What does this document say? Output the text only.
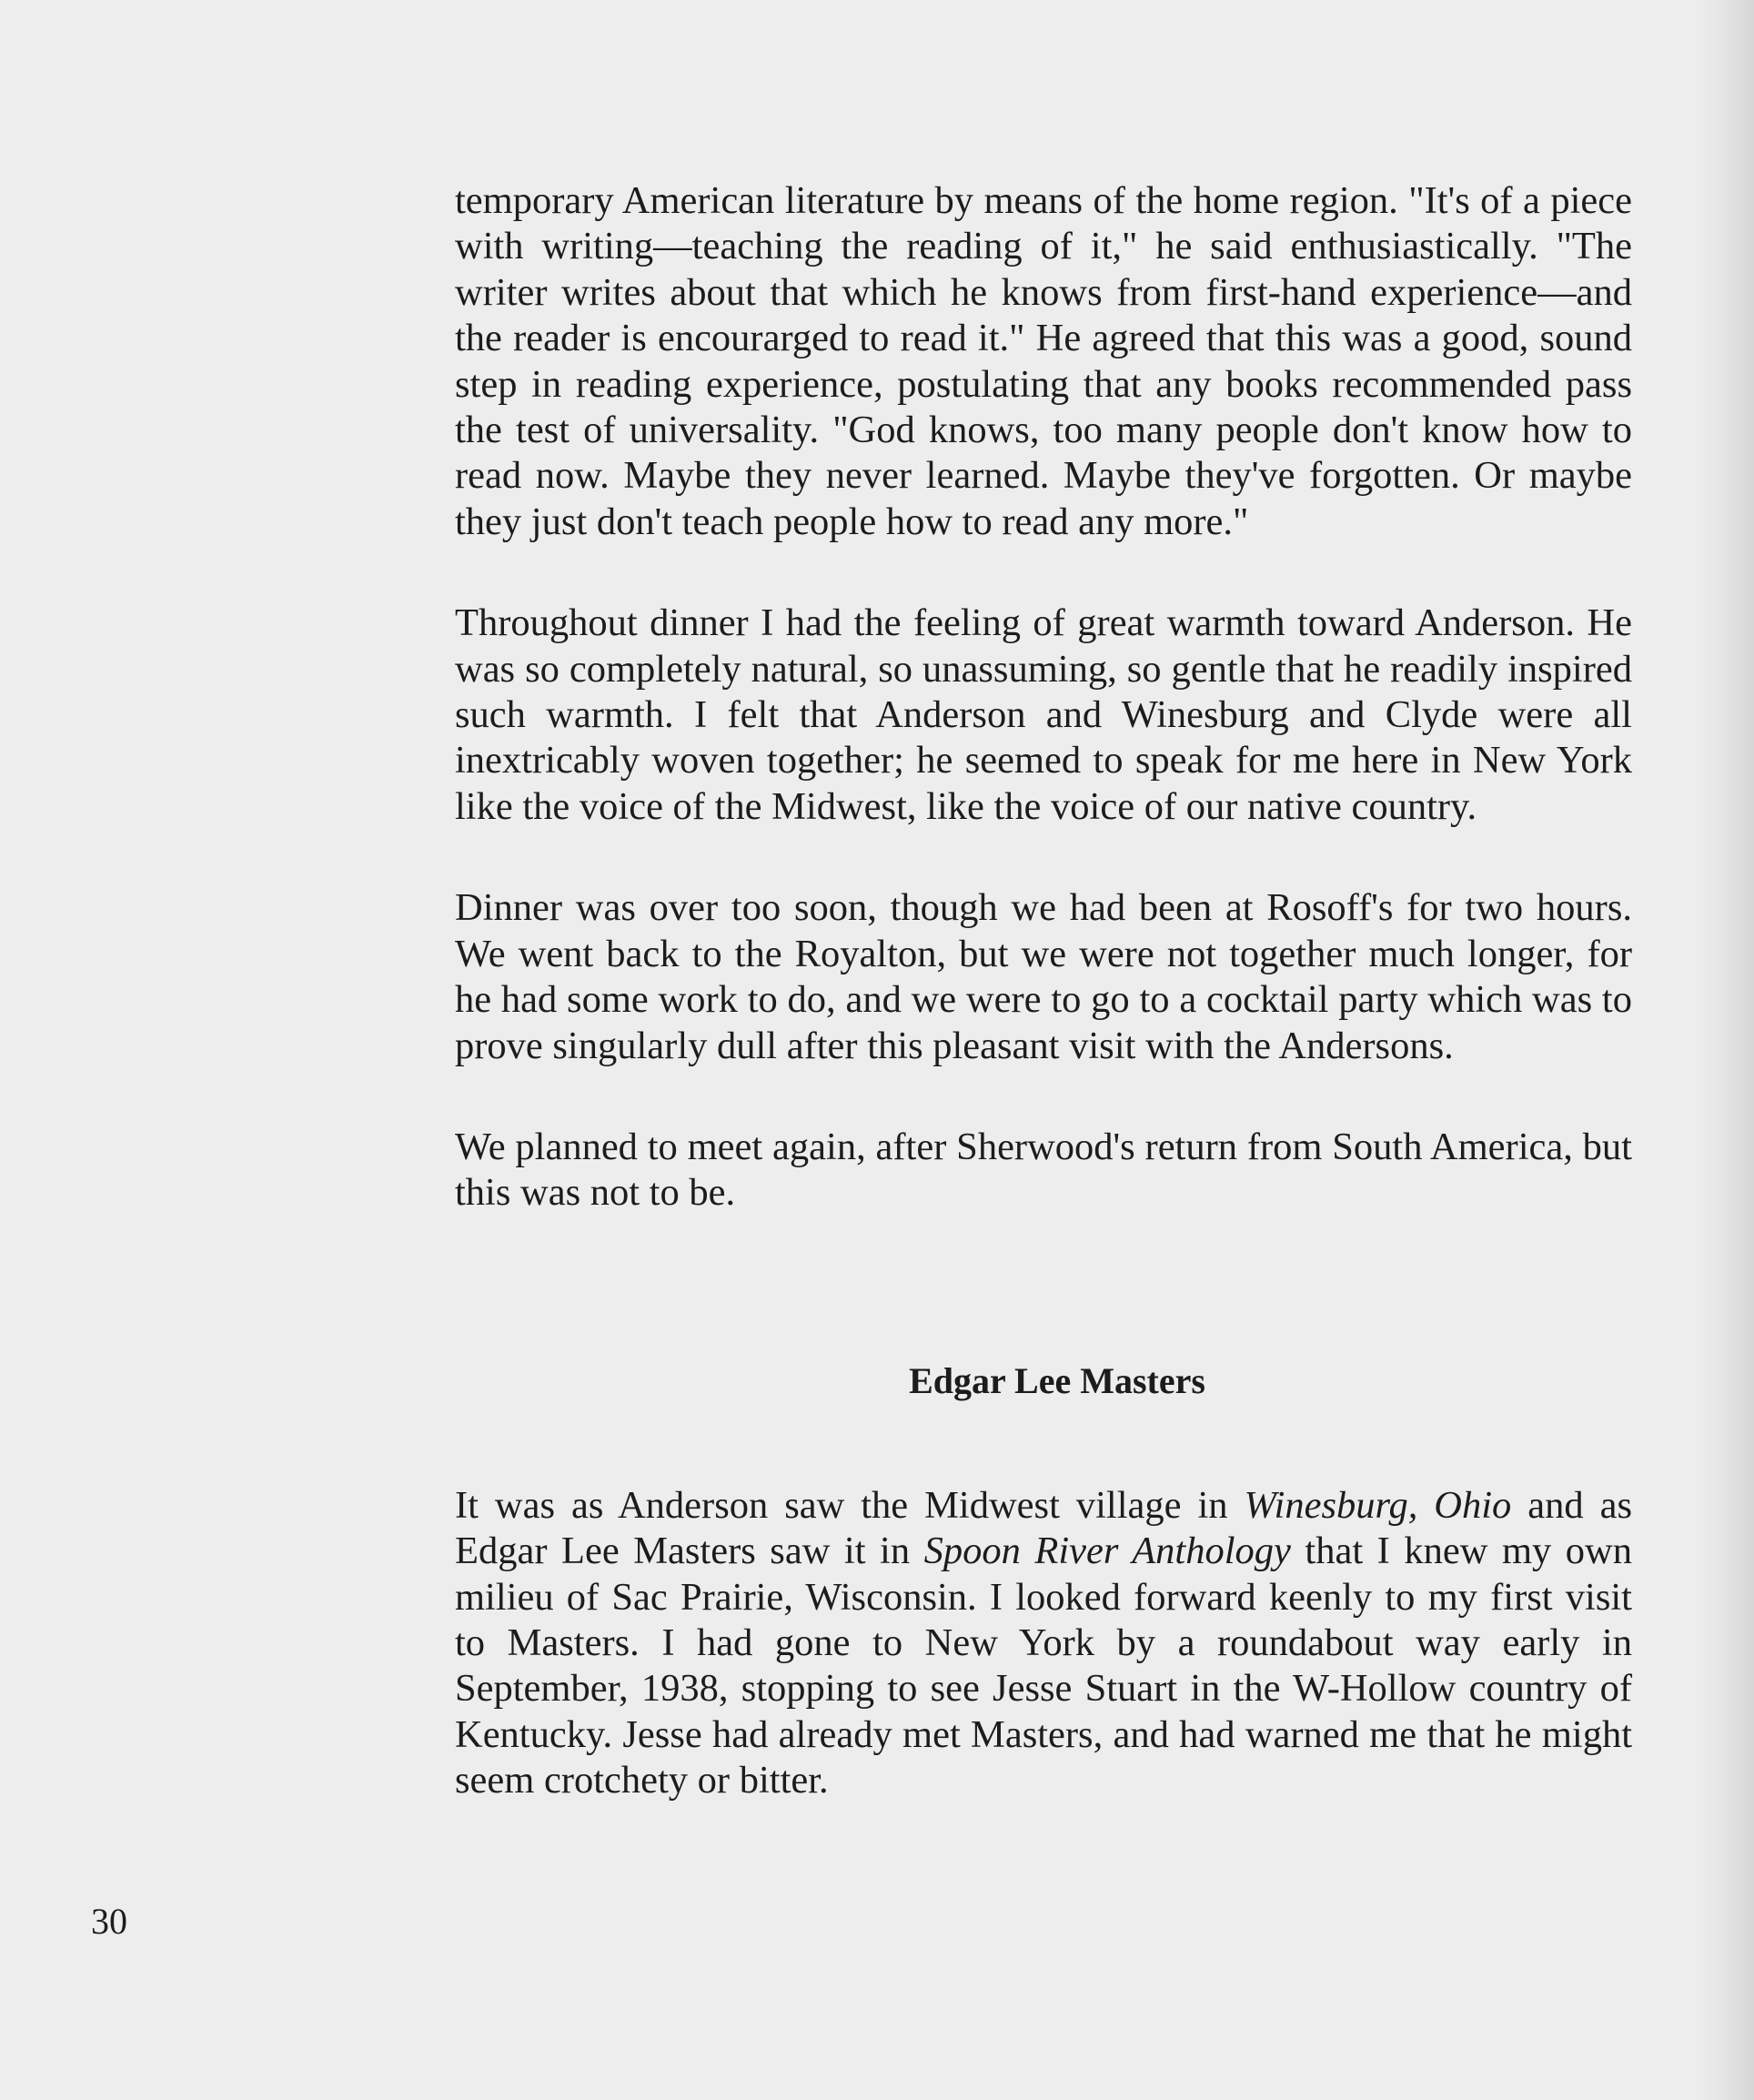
temporary American literature by means of the home region. "It's of a piece with writing—teaching the reading of it," he said enthusiastically. "The writer writes about that which he knows from first-hand experience—and the reader is encourarged to read it." He agreed that this was a good, sound step in reading experience, postulating that any books recommended pass the test of universality. "God knows, too many people don't know how to read now. Maybe they never learned. Maybe they've forgotten. Or maybe they just don't teach people how to read any more."

Throughout dinner I had the feeling of great warmth toward Anderson. He was so completely natural, so unassuming, so gentle that he readily inspired such warmth. I felt that Anderson and Winesburg and Clyde were all inextricably woven together; he seemed to speak for me here in New York like the voice of the Midwest, like the voice of our native country.

Dinner was over too soon, though we had been at Rosoff's for two hours. We went back to the Royalton, but we were not together much longer, for he had some work to do, and we were to go to a cocktail party which was to prove singularly dull after this pleasant visit with the Andersons.

We planned to meet again, after Sherwood's return from South America, but this was not to be.

Edgar Lee Masters

It was as Anderson saw the Midwest village in Winesburg, Ohio and as Edgar Lee Masters saw it in Spoon River Anthology that I knew my own milieu of Sac Prairie, Wisconsin. I looked forward keenly to my first visit to Masters. I had gone to New York by a roundabout way early in September, 1938, stopping to see Jesse Stuart in the W-Hollow country of Kentucky. Jesse had already met Masters, and had warned me that he might seem crotchety or bitter.

30
